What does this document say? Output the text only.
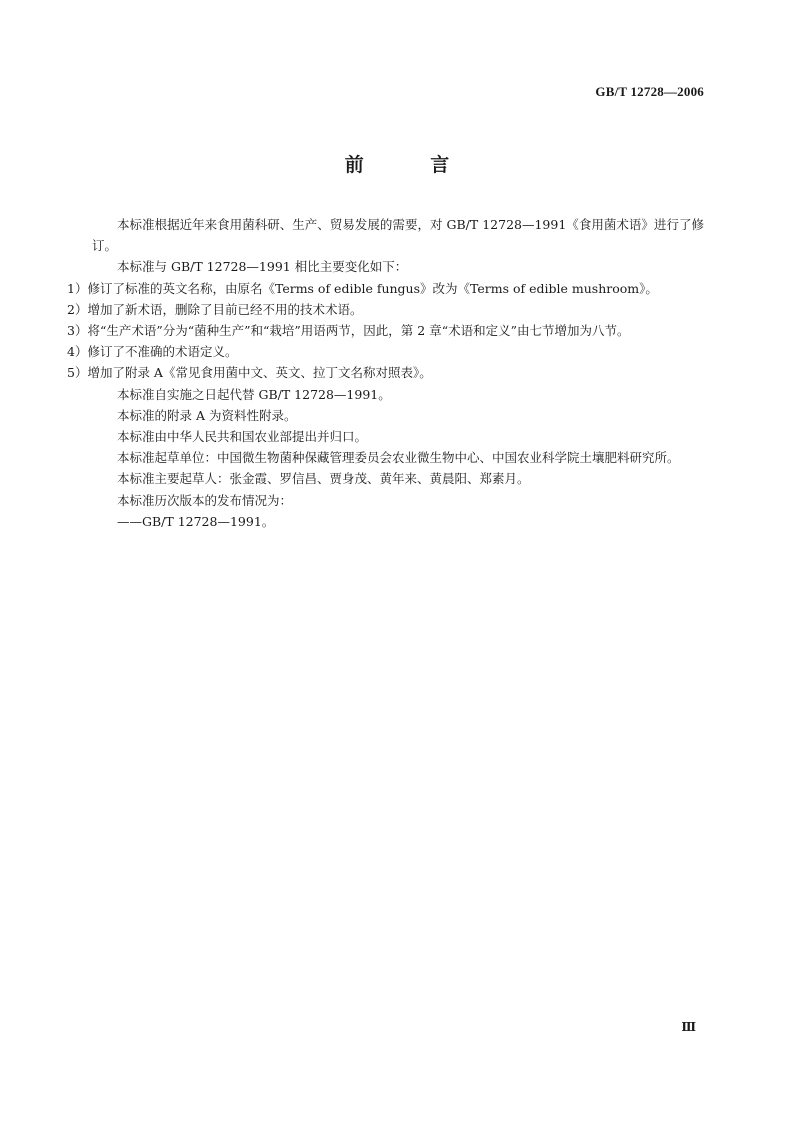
GB/T 12728—2006
前 言

本标准根据近年来食用菌科研、生产、贸易发展的需要，对 GB/T 12728—1991《食用菌术语》进行了修订。

本标准与 GB/T 12728—1991 相比主要变化如下：

1）修订了标准的英文名称，由原名《Terms of edible fungus》改为《Terms of edible mushroom》。

2）增加了新术语，删除了目前已经不用的技术术语。

3）将“生产术语”分为“菌种生产”和“栽培”用语两节，因此，第 2 章“术语和定义”由七节增加为八节。

4）修订了不准确的术语定义。

5）增加了附录 A《常见食用菌中文、英文、拉丁文名称对照表》。

本标准自实施之日起代替 GB/T 12728—1991。

本标准的附录 A 为资料性附录。

本标准由中华人民共和国农业部提出并归口。

本标准起草单位：中国微生物菌种保藏管理委员会农业微生物中心、中国农业科学院土壤肥料研究所。

本标准主要起草人：张金霞、罗信昌、贾身茂、黄年来、黄晨阳、郑素月。

本标准历次版本的发布情况为：

——GB/T 12728—1991。

Ⅲ
